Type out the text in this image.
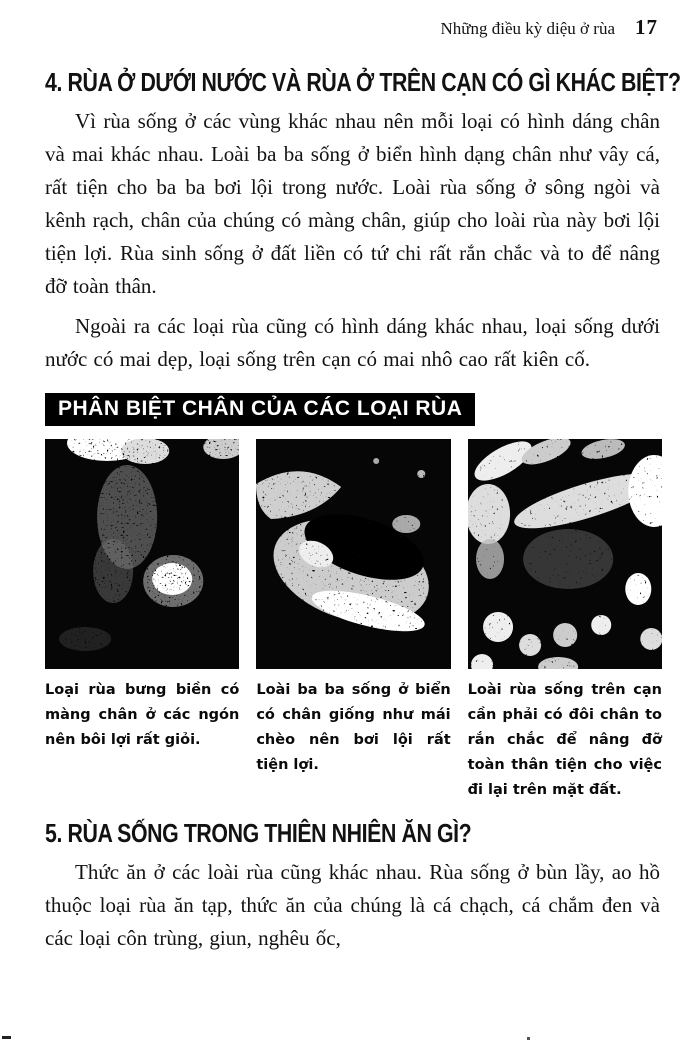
Những điều kỳ diệu ở rùa 17
4. RÙA Ở DƯỚI NƯỚC VÀ RÙA Ở TRÊN CẠN CÓ GÌ KHÁC BIỆT?

Vì rùa sống ở các vùng khác nhau nên mỗi loại có hình dáng chân và mai khác nhau. Loài ba ba sống ở biển hình dạng chân như vây cá, rất tiện cho ba ba bơi lội trong nước. Loài rùa sống ở sông ngòi và kênh rạch, chân của chúng có màng chân, giúp cho loài rùa này bơi lội tiện lợi. Rùa sinh sống ở đất liền có tứ chi rất rắn chắc và to để nâng đỡ toàn thân.

Ngoài ra các loại rùa cũng có hình dáng khác nhau, loại sống dưới nước có mai dẹp, loại sống trên cạn có mai nhô cao rất kiên cố.

PHÂN BIỆT CHÂN CỦA CÁC LOẠI RÙA

Loại rùa bưng biền có màng chân ở các ngón nên bôi lợi rất giỏi.

Loài ba ba sống ở biển có chân giống như mái chèo nên bơi lội rất tiện lợi.

Loài rùa sống trên cạn cần phải có đôi chân to rắn chắc để nâng đỡ toàn thân tiện cho việc đi lại trên mặt đất.

5. RÙA SỐNG TRONG THIÊN NHIÊN ĂN GÌ?

Thức ăn ở các loài rùa cũng khác nhau. Rùa sống ở bùn lầy, ao hồ thuộc loại rùa ăn tạp, thức ăn của chúng là cá chạch, cá chắm đen và các loại côn trùng, giun, nghêu ốc,
